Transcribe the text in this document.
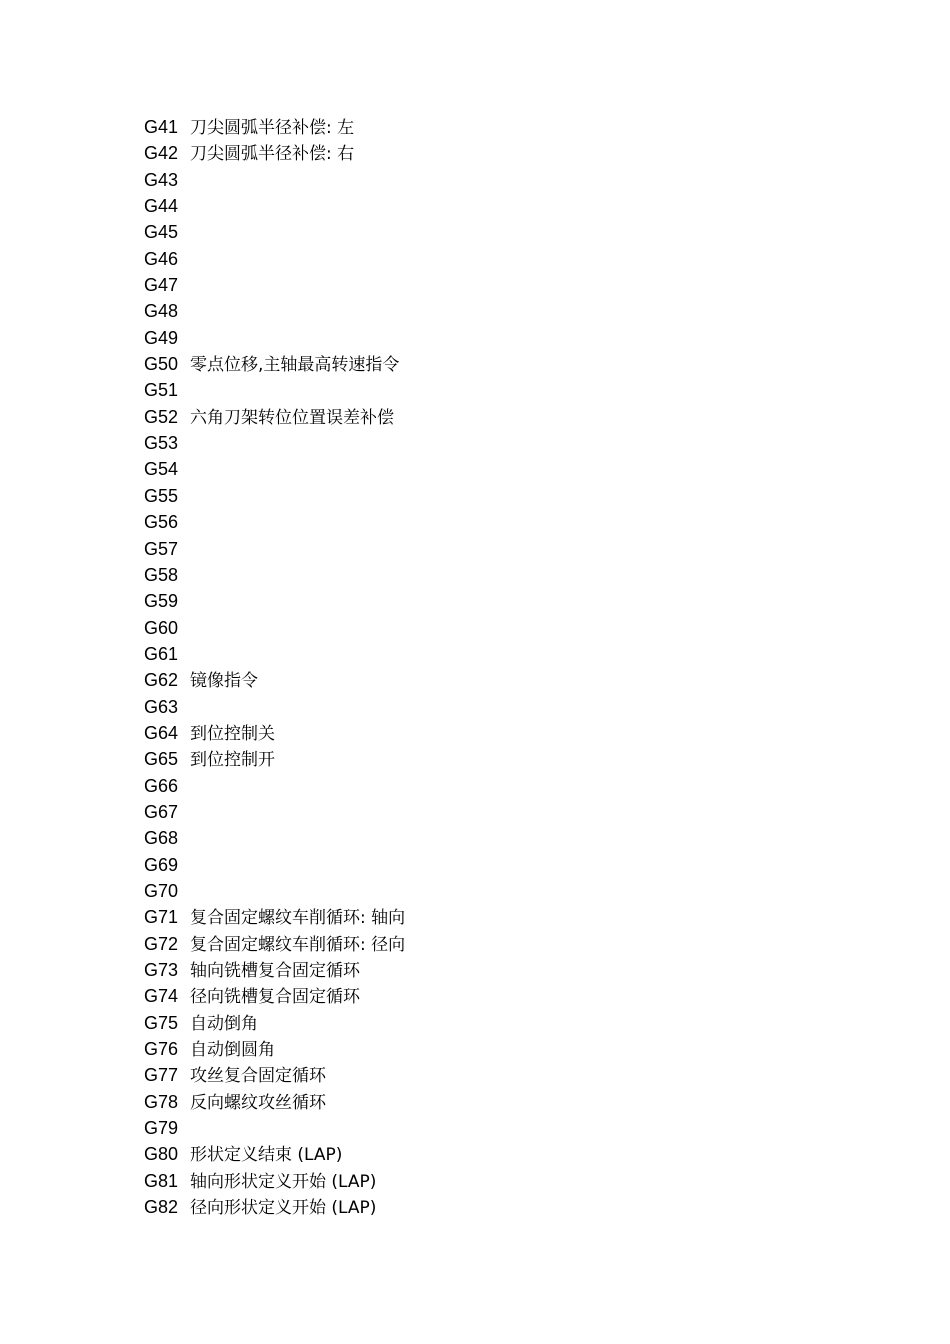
G41 刀尖圆弧半径补偿: 左
G42 刀尖圆弧半径补偿: 右
G43
G44
G45
G46
G47
G48
G49
G50 零点位移,主轴最高转速指令
G51
G52 六角刀架转位位置误差补偿
G53
G54
G55
G56
G57
G58
G59
G60
G61
G62 镜像指令
G63
G64 到位控制关
G65 到位控制开
G66
G67
G68
G69
G70
G71 复合固定螺纹车削循环: 轴向
G72 复合固定螺纹车削循环: 径向
G73 轴向铣槽复合固定循环
G74 径向铣槽复合固定循环
G75 自动倒角
G76 自动倒圆角
G77 攻丝复合固定循环
G78 反向螺纹攻丝循环
G79
G80 形状定义结束 (LAP)
G81 轴向形状定义开始 (LAP)
G82 径向形状定义开始 (LAP)
